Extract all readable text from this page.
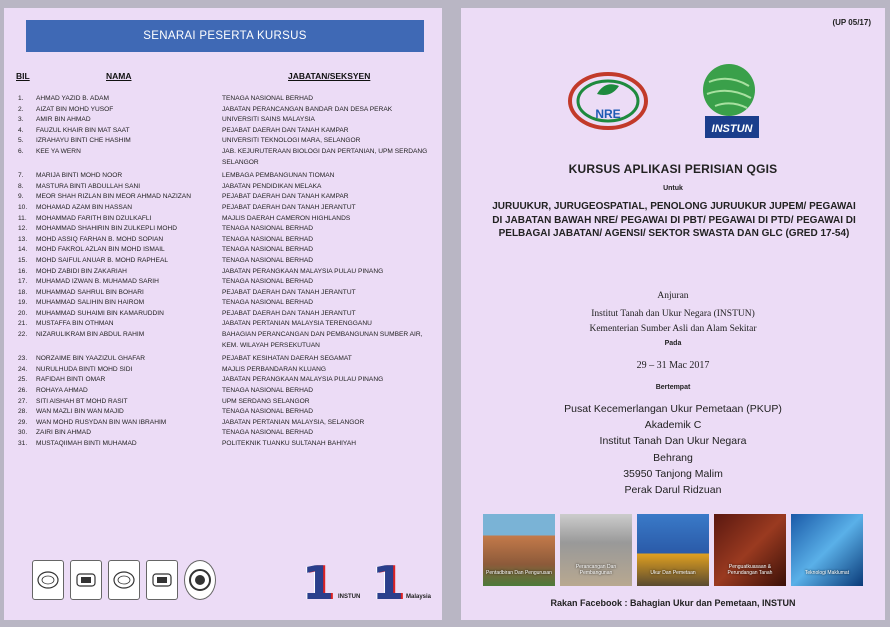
SENARAI PESERTA KURSUS
BIL	NAMA	JABATAN/SEKSYEN
1.	AHMAD YAZID B. ADAM	TENAGA NASIONAL BERHAD
2.	AIZAT BIN MOHD YUSOF	JABATAN PERANCANGAN BANDAR DAN DESA PERAK
3.	AMIR BIN AHMAD	UNIVERSITI SAINS MALAYSIA
4.	FAUZUL KHAIR BIN MAT SAAT	PEJABAT DAERAH DAN TANAH KAMPAR
5.	IZRAHAYU BINTI CHE HASHIM	UNIVERSITI TEKNOLOGI MARA, SELANGOR
6.	KEE YA WERN	JAB. KEJURUTERAAN BIOLOGI DAN PERTANIAN, UPM SERDANG SELANGOR
7.	MARIJA BINTI MOHD NOOR	LEMBAGA PEMBANGUNAN TIOMAN
8.	MASTURA BINTI ABDULLAH SANI	JABATAN PENDIDIKAN MELAKA
9.	MEOR SHAH RIZLAN BIN MEOR AHMAD NAZIZAN	PEJABAT DAERAH DAN TANAH KAMPAR
10.	MOHAMAD AZAM BIN HASSAN	PEJABAT DAERAH DAN TANAH JERANTUT
11.	MOHAMMAD FARITH BIN DZULKAFLI	MAJLIS DAERAH CAMERON HIGHLANDS
12.	MOHAMMAD SHAHIRIN BIN ZULKEPLI MOHD	TENAGA NASIONAL BERHAD
13.	MOHD ASSIQ FARHAN B. MOHD SOPIAN	TENAGA NASIONAL BERHAD
14.	MOHD FAKROL AZLAN BIN MOHD ISMAIL	TENAGA NASIONAL BERHAD
15.	MOHD SAIFUL ANUAR B. MOHD RAPHEAL	TENAGA NASIONAL BERHAD
16.	MOHD ZABIDI BIN ZAKARIAH	JABATAN PERANGKAAN MALAYSIA PULAU PINANG
17.	MUHAMAD IZWAN B. MUHAMAD SARIH	TENAGA NASIONAL BERHAD
18.	MUHAMMAD SAHRUL BIN BOHARI	PEJABAT DAERAH DAN TANAH JERANTUT
19.	MUHAMMAD SALIHIN BIN HAIROM	TENAGA NASIONAL BERHAD
20.	MUHAMMAD SUHAIMI BIN KAMARUDDIN	PEJABAT DAERAH DAN TANAH JERANTUT
21.	MUSTAFFA BIN OTHMAN	JABATAN PERTANIAN MALAYSIA TERENGGANU
22.	NIZARULIKRAM BIN ABDUL RAHIM	BAHAGIAN PERANCANGAN DAN PEMBANGUNAN SUMBER AIR, KEM. WILAYAH PERSEKUTUAN
23.	NORZAIME BIN YAAZIZUL GHAFAR	PEJABAT KESIHATAN DAERAH SEGAMAT
24.	NURULHUDA BINTI MOHD SIDI	MAJLIS PERBANDARAN KLUANG
25.	RAFIDAH BINTI OMAR	JABATAN PERANGKAAN MALAYSIA PULAU PINANG
26.	ROHAYA AHMAD	TENAGA NASIONAL BERHAD
27.	SITI AISHAH BT MOHD RASIT	UPM SERDANG SELANGOR
28.	WAN MAZLI BIN WAN MAJID	TENAGA NASIONAL BERHAD
29.	WAN MOHD RUSYDAN BIN WAN IBRAHIM	JABATAN PERTANIAN MALAYSIA, SELANGOR
30.	ZAIRI BIN AHMAD	TENAGA NASIONAL BERHAD
31.	MUSTAQIIMAH BINTI MUHAMAD	POLITEKNIK TUANKU SULTANAH BAHIYAH
1 INSTUN 1 Malaysia
(UP 05/17)
NRE
INSTUN
KURSUS APLIKASI PERISIAN QGIS
Untuk
JURUUKUR, JURUGEOSPATIAL, PENOLONG JURUUKUR JUPEM/ PEGAWAI DI JABATAN BAWAH NRE/ PEGAWAI DI PBT/ PEGAWAI DI PTD/ PEGAWAI DI PELBAGAI JABATAN/ AGENSI/ SEKTOR SWASTA DAN GLC (GRED 17-54)
Anjuran
Institut Tanah dan Ukur Negara (INSTUN)
Kementerian Sumber Asli dan Alam Sekitar
Pada
29 – 31 Mac 2017
Bertempat
Pusat Kecemerlangan Ukur Pemetaan (PKUP)
Akademik C
Institut Tanah Dan Ukur Negara
Behrang
35950 Tanjong Malim
Perak Darul Ridzuan
Pentadbiran Dan Pengurusan
Perancangan Dan Pembangunan	Ukur Dan Pemetaan
Penguatkuasaan & Perundangan Tanah	Teknologi Maklumat
Rakan Facebook : Bahagian Ukur dan Pemetaan, INSTUN
